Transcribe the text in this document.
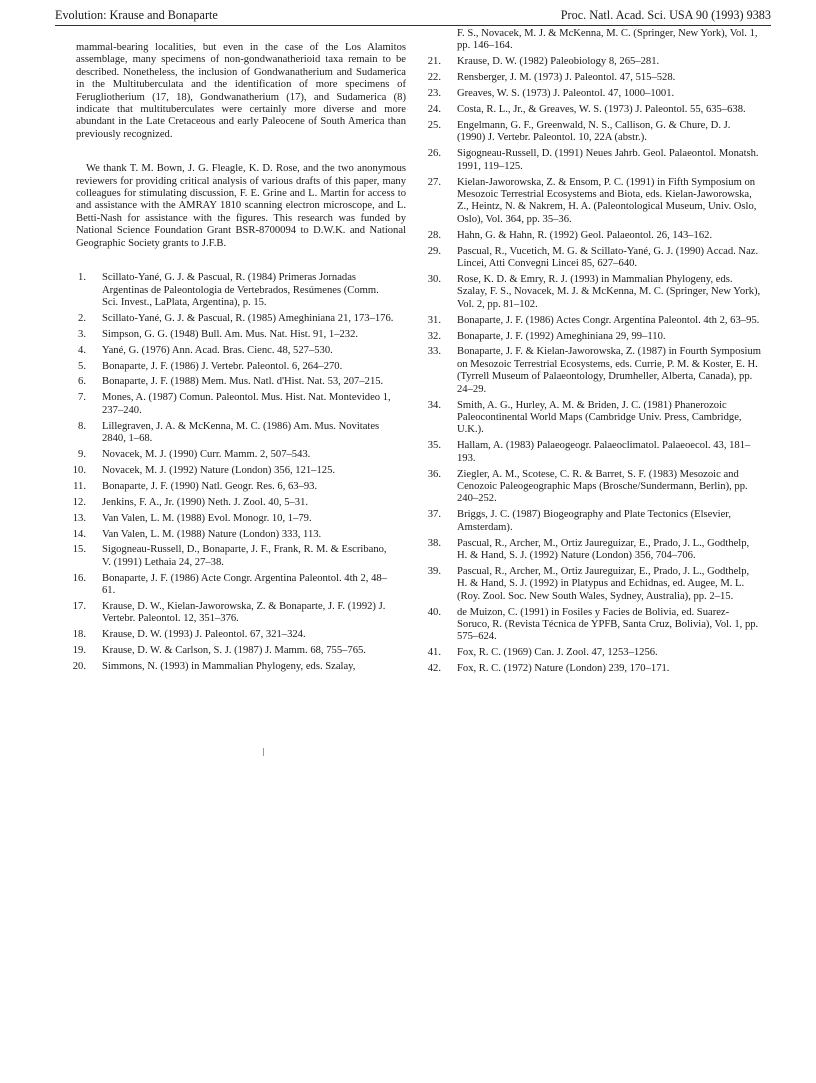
Evolution: Krause and Bonaparte	Proc. Natl. Acad. Sci. USA 90 (1993) 9383

mammal-bearing localities, but even in the case of the Los Alamitos assemblage, many specimens of non-gondwanatherioid taxa remain to be described. Nonetheless, the inclusion of Gondwanatherium and Sudamerica in the Multituberculata and the identification of more specimens of Ferugliotherium (17, 18), Gondwanatherium (17), and Sudamerica (8) indicate that multituberculates were certainly more diverse and more abundant in the Late Cretaceous and early Paleocene of South America than previously recognized.

We thank T. M. Bown, J. G. Fleagle, K. D. Rose, and the two anonymous reviewers for providing critical analysis of various drafts of this paper, many colleagues for stimulating discussion, F. E. Grine and L. Martin for access to and assistance with the AMRAY 1810 scanning electron microscope, and L. Betti-Nash for assistance with the figures. This research was funded by National Science Foundation Grant BSR-8700094 to D.W.K. and National Geographic Society grants to J.F.B.

1. Scillato-Yané, G. J. & Pascual, R. (1984) Primeras Jornadas Argentinas de Paleontologia de Vertebrados, Resúmenes (Comm. Sci. Invest., LaPlata, Argentina), p. 15.
2. Scillato-Yané, G. J. & Pascual, R. (1985) Ameghiniana 21, 173–176.
3. Simpson, G. G. (1948) Bull. Am. Mus. Nat. Hist. 91, 1–232.
4. Yané, G. (1976) Ann. Acad. Bras. Cienc. 48, 527–530.
5. Bonaparte, J. F. (1986) J. Vertebr. Paleontol. 6, 264–270.
6. Bonaparte, J. F. (1988) Mem. Mus. Natl. d'Hist. Nat. 53, 207–215.
7. Mones, A. (1987) Comun. Paleontol. Mus. Hist. Nat. Montevideo 1, 237–240.
8. Lillegraven, J. A. & McKenna, M. C. (1986) Am. Mus. Novitates 2840, 1–68.
9. Novacek, M. J. (1990) Curr. Mamm. 2, 507–543.
10. Novacek, M. J. (1992) Nature (London) 356, 121–125.
11. Bonaparte, J. F. (1990) Natl. Geogr. Res. 6, 63–93.
12. Jenkins, F. A., Jr. (1990) Neth. J. Zool. 40, 5–31.
13. Van Valen, L. M. (1988) Evol. Monogr. 10, 1–79.
14. Van Valen, L. M. (1988) Nature (London) 333, 113.
15. Sigogneau-Russell, D., Bonaparte, J. F., Frank, R. M. & Escribano, V. (1991) Lethaia 24, 27–38.
16. Bonaparte, J. F. (1986) Acte Congr. Argentina Paleontol. 4th 2, 48–61.
17. Krause, D. W., Kielan-Jaworowska, Z. & Bonaparte, J. F. (1992) J. Vertebr. Paleontol. 12, 351–376.
18. Krause, D. W. (1993) J. Paleontol. 67, 321–324.
19. Krause, D. W. & Carlson, S. J. (1987) J. Mamm. 68, 755–765.
20. Simmons, N. (1993) in Mammalian Phylogeny, eds. Szalay,
F. S., Novacek, M. J. & McKenna, M. C. (Springer, New York), Vol. 1, pp. 146–164.
21. Krause, D. W. (1982) Paleobiology 8, 265–281.
22. Rensberger, J. M. (1973) J. Paleontol. 47, 515–528.
23. Greaves, W. S. (1973) J. Paleontol. 47, 1000–1001.
24. Costa, R. L., Jr., & Greaves, W. S. (1973) J. Paleontol. 55, 635–638.
25. Engelmann, G. F., Greenwald, N. S., Callison, G. & Chure, D. J. (1990) J. Vertebr. Paleontol. 10, 22A (abstr.).
26. Sigogneau-Russell, D. (1991) Neues Jahrb. Geol. Palaeontol. Monatsh. 1991, 119–125.
27. Kielan-Jaworowska, Z. & Ensom, P. C. (1991) in Fifth Symposium on Mesozoic Terrestrial Ecosystems and Biota, eds. Kielan-Jaworowska, Z., Heintz, N. & Nakrem, H. A. (Paleontological Museum, Univ. Oslo, Oslo), Vol. 364, pp. 35–36.
28. Hahn, G. & Hahn, R. (1992) Geol. Palaeontol. 26, 143–162.
29. Pascual, R., Vucetich, M. G. & Scillato-Yané, G. J. (1990) Accad. Naz. Lincei, Atti Convegni Lincei 85, 627–640.
30. Rose, K. D. & Emry, R. J. (1993) in Mammalian Phylogeny, eds. Szalay, F. S., Novacek, M. J. & McKenna, M. C. (Springer, New York), Vol. 2, pp. 81–102.
31. Bonaparte, J. F. (1986) Actes Congr. Argentina Paleontol. 4th 2, 63–95.
32. Bonaparte, J. F. (1992) Ameghiniana 29, 99–110.
33. Bonaparte, J. F. & Kielan-Jaworowska, Z. (1987) in Fourth Symposium on Mesozoic Terrestrial Ecosystems, eds. Currie, P. M. & Koster, E. H. (Tyrrell Museum of Palaeontology, Drumheller, Alberta, Canada), pp. 24–29.
34. Smith, A. G., Hurley, A. M. & Briden, J. C. (1981) Phanerozoic Paleocontinental World Maps (Cambridge Univ. Press, Cambridge, U.K.).
35. Hallam, A. (1983) Palaeogeogr. Palaeoclimatol. Palaeoecol. 43, 181–193.
36. Ziegler, A. M., Scotese, C. R. & Barret, S. F. (1983) Mesozoic and Cenozoic Paleogeographic Maps (Brosche/Sundermann, Berlin), pp. 240–252.
37. Briggs, J. C. (1987) Biogeography and Plate Tectonics (Elsevier, Amsterdam).
38. Pascual, R., Archer, M., Ortiz Jaureguizar, E., Prado, J. L., Godthelp, H. & Hand, S. J. (1992) Nature (London) 356, 704–706.
39. Pascual, R., Archer, M., Ortiz Jaureguizar, E., Prado, J. L., Godthelp, H. & Hand, S. J. (1992) in Platypus and Echidnas, ed. Augee, M. L. (Roy. Zool. Soc. New South Wales, Sydney, Australia), pp. 2–15.
40. de Muizon, C. (1991) in Fosiles y Facies de Bolivia, ed. Suarez-Soruco, R. (Revista Técnica de YPFB, Santa Cruz, Bolivia), Vol. 1, pp. 575–624.
41. Fox, R. C. (1969) Can. J. Zool. 47, 1253–1256.
42. Fox, R. C. (1972) Nature (London) 239, 170–171.
